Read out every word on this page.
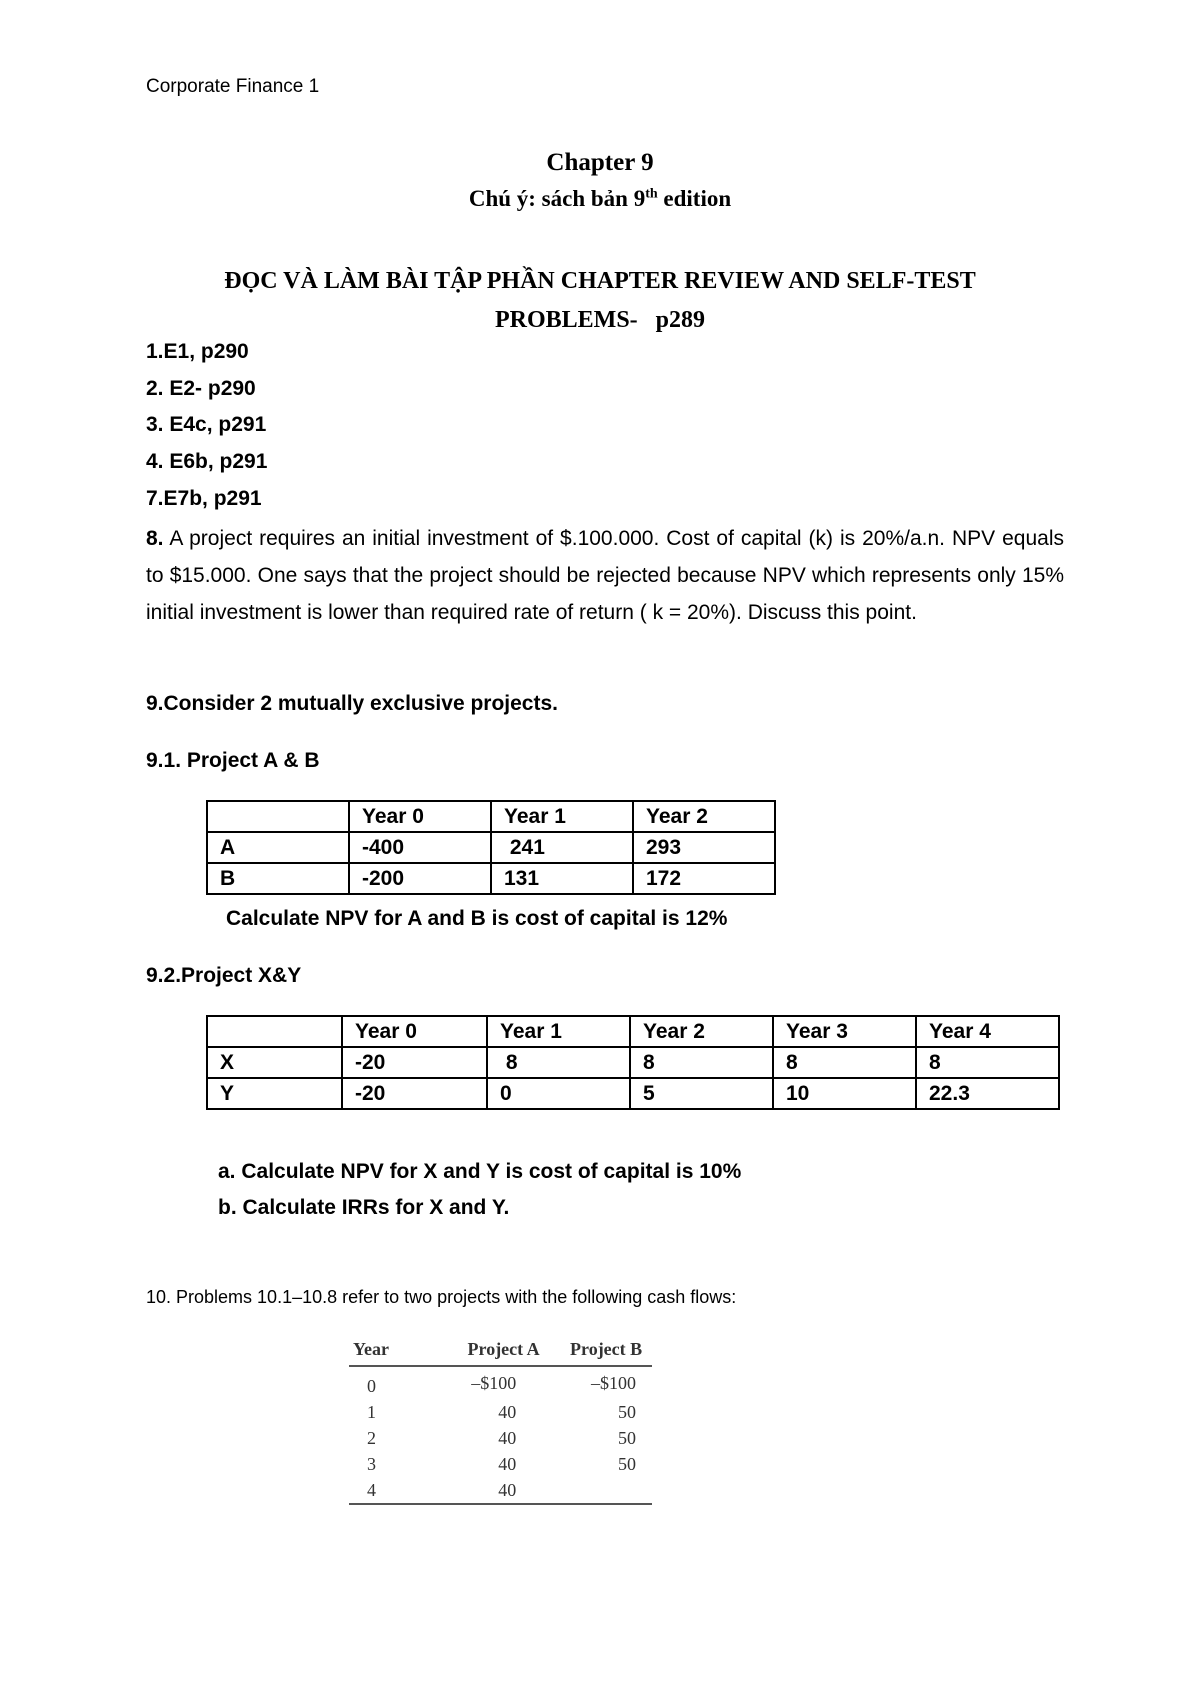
Corporate Finance 1
Chapter 9
Chú ý: sách bản 9th edition
ĐỌC VÀ LÀM BÀI TẬP PHẦN CHAPTER REVIEW AND SELF-TEST
PROBLEMS-   p289
1.E1, p290
2. E2- p290
3. E4c, p291
4. E6b, p291
7.E7b, p291
8. A project requires an initial investment of $.100.000. Cost of capital (k) is 20%/a.n. NPV equals to $15.000. One says that the project should be rejected because NPV which represents only 15% initial investment is lower than required rate of return ( k = 20%). Discuss this point.
9.Consider 2 mutually exclusive projects.
9.1. Project A & B
	Year 0	Year 1	Year 2
A	-400	241	293
B	-200	131	172
Calculate NPV for A and B is cost of capital is 12%
9.2.Project X&Y
	Year 0	Year 1	Year 2	Year 3	Year 4
X	-20	8	8	8	8
Y	-20	0	5	10	22.3
a. Calculate NPV for X and Y is cost of capital is 10%
b. Calculate IRRs for X and Y.
10. Problems 10.1–10.8 refer to two projects with the following cash flows:
Year	Project A	Project B
0	–$100	–$100
1	40	50
2	40	50
3	40	50
4	40	
